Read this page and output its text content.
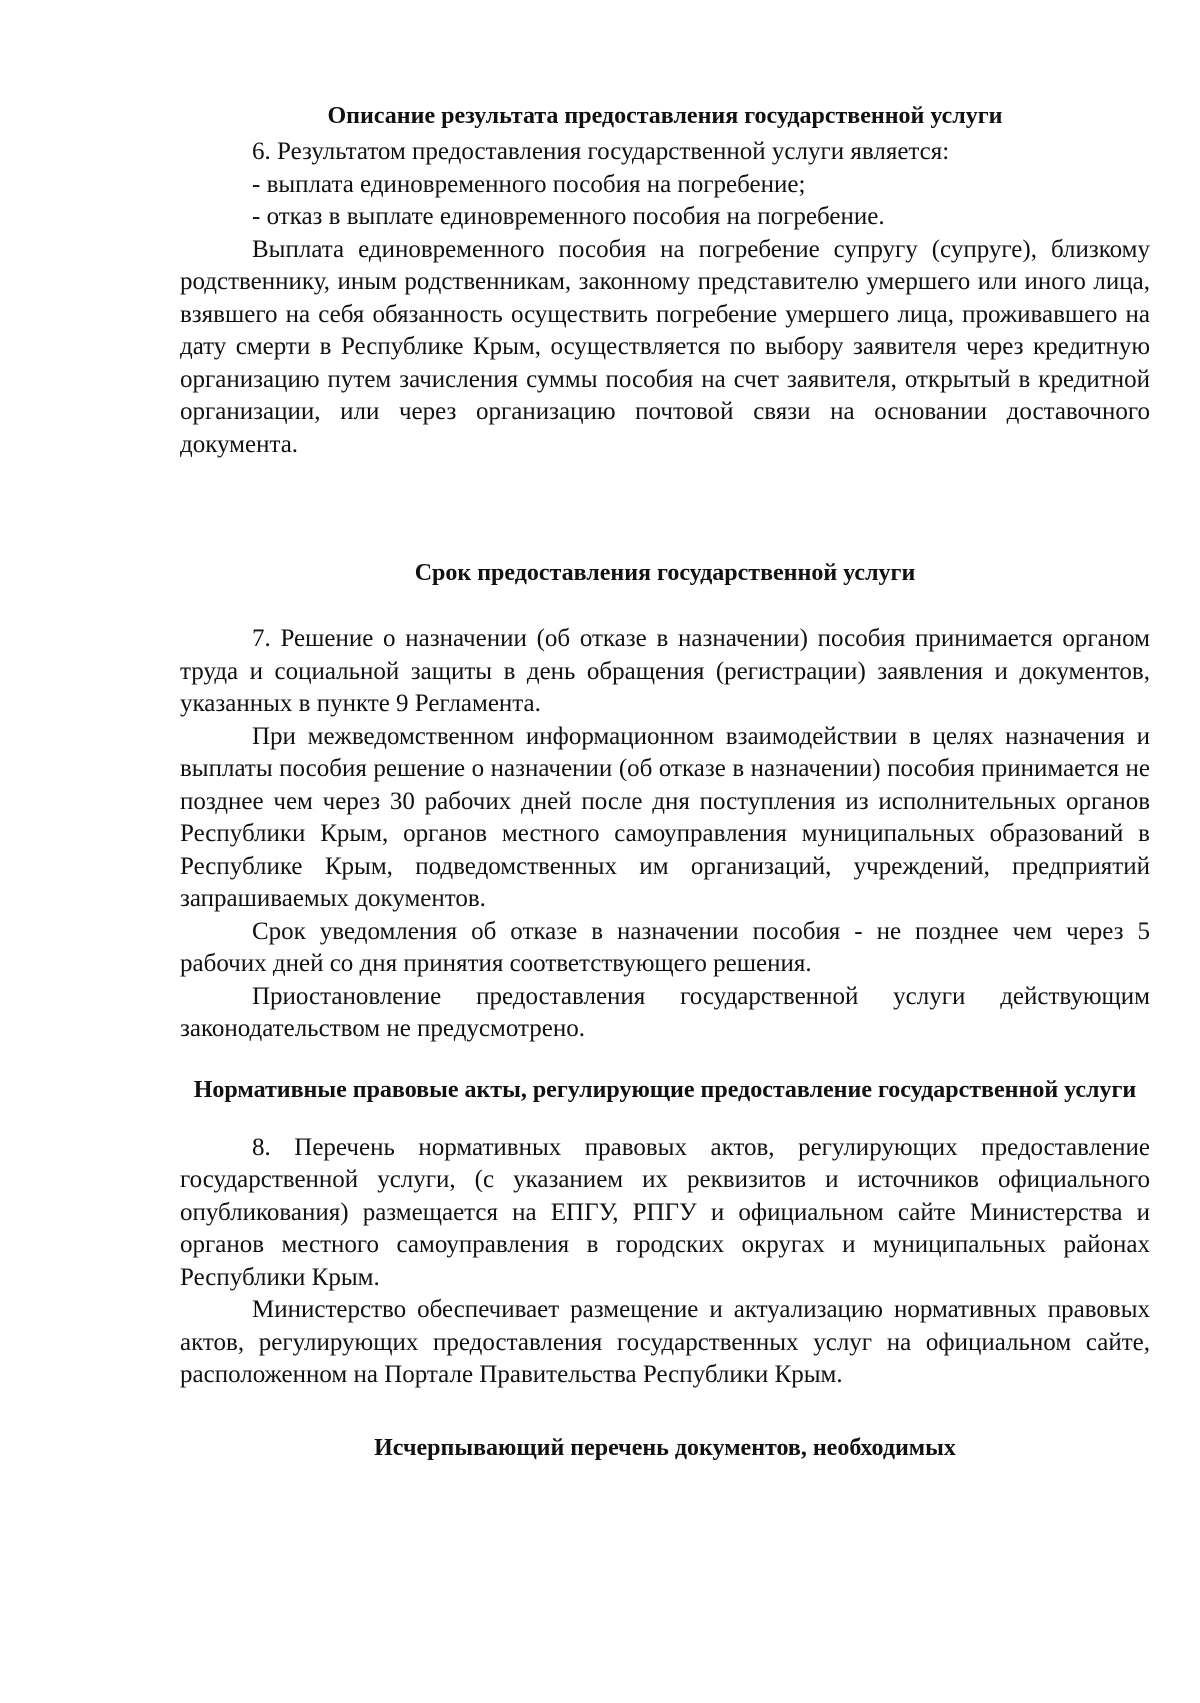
Описание результата предоставления государственной услуги

6. Результатом предоставления государственной услуги является:

- выплата единовременного пособия на погребение;

- отказ в выплате единовременного пособия на погребение.

Выплата единовременного пособия на погребение супругу (супруге), близкому родственнику, иным родственникам, законному представителю умершего или иного лица, взявшего на себя обязанность осуществить погребение умершего лица, проживавшего на дату смерти в Республике Крым, осуществляется по выбору заявителя через кредитную организацию путем зачисления суммы пособия на счет заявителя, открытый в кредитной организации, или через организацию почтовой связи на основании доставочного документа.

Срок предоставления государственной услуги

7. Решение о назначении (об отказе в назначении) пособия принимается органом труда и социальной защиты в день обращения (регистрации) заявления и документов, указанных в пункте 9 Регламента.

При межведомственном информационном взаимодействии в целях назначения и выплаты пособия решение о назначении (об отказе в назначении) пособия принимается не позднее чем через 30 рабочих дней после дня поступления из исполнительных органов Республики Крым, органов местного самоуправления муниципальных образований в Республике Крым, подведомственных им организаций, учреждений, предприятий запрашиваемых документов.

Срок уведомления об отказе в назначении пособия - не позднее чем через 5 рабочих дней со дня принятия соответствующего решения.

Приостановление предоставления государственной услуги действующим законодательством не предусмотрено.

Нормативные правовые акты, регулирующие предоставление государственной услуги

8. Перечень нормативных правовых актов, регулирующих предоставление государственной услуги, (с указанием их реквизитов и источников официального опубликования) размещается на ЕПГУ, РПГУ и официальном сайте Министерства и органов местного самоуправления в городских округах и муниципальных районах Республики Крым.

Министерство обеспечивает размещение и актуализацию нормативных правовых актов, регулирующих предоставления государственных услуг на официальном сайте, расположенном на Портале Правительства Республики Крым.

Исчерпывающий перечень документов, необходимых
